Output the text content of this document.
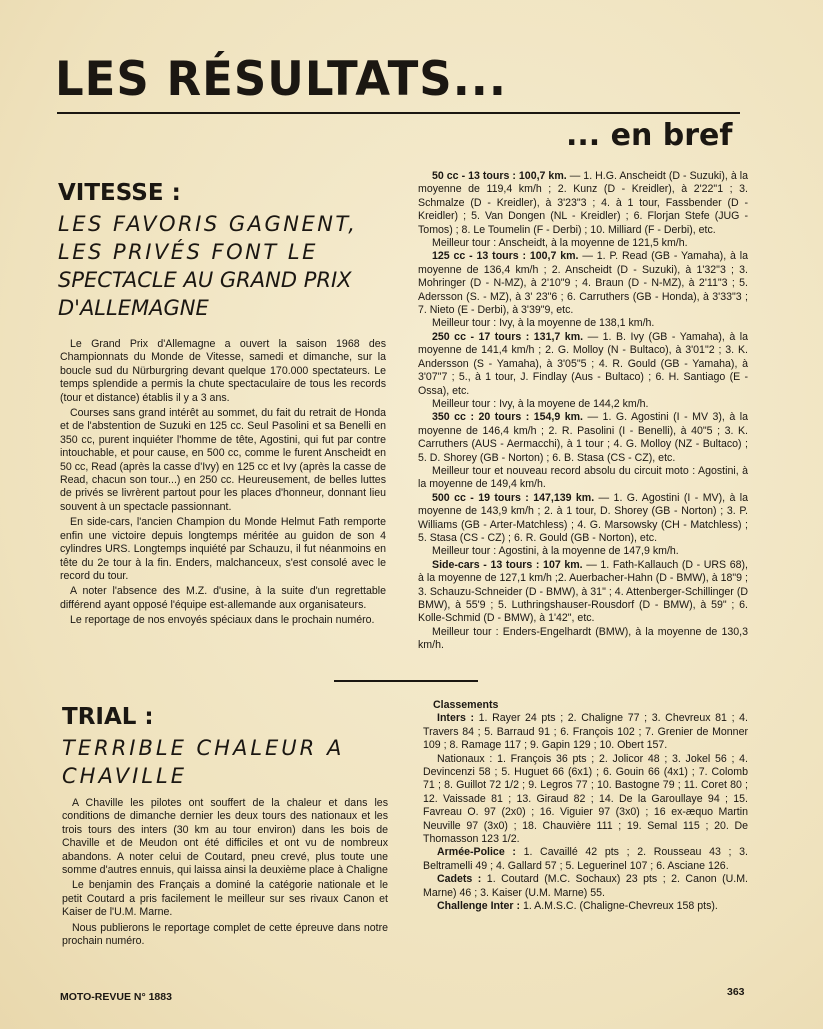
LES RÉSULTATS...
... en bref
VITESSE :
LES FAVORIS GAGNENT,
LES PRIVÉS FONT LE
SPECTACLE AU GRAND PRIX
D'ALLEMAGNE

Le Grand Prix d'Allemagne a ouvert la saison 1968 des Championnats du Monde de Vitesse, samedi et dimanche, sur la boucle sud du Nürburgring devant quelque 170.000 spectateurs. Le temps splendide a permis la chute spectaculaire de tous les records (tour et distance) établis il y a 3 ans.

Courses sans grand intérêt au sommet, du fait du retrait de Honda et de l'abstention de Suzuki en 125 cc. Seul Pasolini et sa Benelli en 350 cc, purent inquiéter l'homme de tête, Agostini, qui fut par contre intouchable, et pour cause, en 500 cc, comme le furent Anscheidt en 50 cc, Read (après la casse d'Ivy) en 125 cc et Ivy (après la casse de Read, chacun son tour...) en 250 cc. Heureusement, de belles luttes de privés se livrèrent partout pour les places d'honneur, donnant lieu souvent à un spectacle passionnant.

En side-cars, l'ancien Champion du Monde Helmut Fath remporte enfin une victoire depuis longtemps méritée au guidon de son 4 cylindres URS. Longtemps inquiété par Schauzu, il fut néanmoins en tête du 2e tour à la fin. Enders, malchanceux, s'est consolé avec le record du tour.

A noter l'absence des M.Z. d'usine, à la suite d'un regrettable différend ayant opposé l'équipe est-allemande aux organisateurs.

Le reportage de nos envoyés spéciaux dans le prochain numéro.

50 cc - 13 tours : 100,7 km. — 1. H.G. Anscheidt (D - Suzuki), à la moyenne de 119,4 km/h ; 2. Kunz (D - Kreidler), à 2'22"1 ; 3. Schmalze (D - Kreidler), à 3'23"3 ; 4. à 1 tour, Fassbender (D - Kreidler) ; 5. Van Dongen (NL - Kreidler) ; 6. Florjan Stefe (JUG - Tomos) ; 8. Le Toumelin (F - Derbi) ; 10. Milliard (F - Derbi), etc.

Meilleur tour : Anscheidt, à la moyenne de 121,5 km/h.

125 cc - 13 tours : 100,7 km. — 1. P. Read (GB - Yamaha), à la moyenne de 136,4 km/h ; 2. Anscheidt (D - Suzuki), à 1'32"3 ; 3. Mohringer (D - N-MZ), à 2'10"9 ; 4. Braun (D - N-MZ), à 2'11"3 ; 5. Adersson (S. - MZ), à 3' 23"6 ; 6. Carruthers (GB - Honda), à 3'33"3 ; 7. Nieto (E - Derbi), à 3'39"9, etc.

Meilleur tour : Ivy, à la moyenne de 138,1 km/h.

250 cc - 17 tours : 131,7 km. — 1. B. Ivy (GB - Yamaha), à la moyenne de 141,4 km/h ; 2. G. Molloy (N - Bultaco), à 3'01"2 ; 3. K. Andersson (S - Yamaha), à 3'05"5 ; 4. R. Gould (GB - Yamaha), à 3'07"7 ; 5., à 1 tour, J. Findlay (Aus - Bultaco) ; 6. H. Santiago (E - Ossa), etc.

Meilleur tour : Ivy, à la moyene de 144,2 km/h.

350 cc : 20 tours : 154,9 km. — 1. G. Agostini (I - MV 3), à la moyenne de 146,4 km/h ; 2. R. Pasolini (I - Benelli), à 40"5 ; 3. K. Carruthers (AUS - Aermacchi), à 1 tour ; 4. G. Molloy (NZ - Bultaco) ; 5. D. Shorey (GB - Norton) ; 6. B. Stasa (CS - CZ), etc.

Meilleur tour et nouveau record absolu du circuit moto : Agostini, à la moyenne de 149,4 km/h.

500 cc - 19 tours : 147,139 km. — 1. G. Agostini (I - MV), à la moyenne de 143,9 km/h ; 2. à 1 tour, D. Shorey (GB - Norton) ; 3. P. Williams (GB - Arter-Matchless) ; 4. G. Marsowsky (CH - Matchless) ; 5. Stasa (CS - CZ) ; 6. R. Gould (GB - Norton), etc.

Meilleur tour : Agostini, à la moyenne de 147,9 km/h.

Side-cars - 13 tours : 107 km. — 1. Fath-Kallauch (D - URS 68), à la moyenne de 127,1 km/h ;2. Auerbacher-Hahn (D - BMW), à 18"9 ; 3. Schauzu-Schneider (D - BMW), à 31" ; 4. Attenberger-Schillinger (D BMW), à 55'9 ; 5. Luthringshauser-Rousdorf (D - BMW), à 59" ; 6. Kolle-Schmid (D - BMW), à 1'42", etc.

Meilleur tour : Enders-Engelhardt (BMW), à la moyenne de 130,3 km/h.

TRIAL :
TERRIBLE CHALEUR A
CHAVILLE

A Chaville les pilotes ont souffert de la chaleur et dans les conditions de dimanche dernier les deux tours des nationaux et les trois tours des inters (30 km au tour environ) dans les bois de Chaville et de Meudon ont été difficiles et ont vu de nombreux abandons. A noter celui de Coutard, pneu crevé, plus toute une somme d'autres ennuis, qui laissa ainsi la deuxième place à Chaligne

Le benjamin des Français a dominé la catégorie nationale et le petit Coutard a pris facilement le meilleur sur ses rivaux Canon et Kaiser de l'U.M. Marne.

Nous publierons le reportage complet de cette épreuve dans notre prochain numéro.

Classements

Inters : 1. Rayer 24 pts ; 2. Chaligne 77 ; 3. Chevreux 81 ; 4. Travers 84 ; 5. Barraud 91 ; 6. François 102 ; 7. Grenier de Monner 109 ; 8. Ramage 117 ; 9. Gapin 129 ; 10. Obert 157.

Nationaux : 1. François 36 pts ; 2. Jolicor 48 ; 3. Jokel 56 ; 4. Devincenzi 58 ; 5. Huguet 66 (6x1) ; 6. Gouin 66 (4x1) ; 7. Colomb 71 ; 8. Guillot 72 1/2 ; 9. Legros 77 ; 10. Bastogne 79 ; 11. Coret 80 ; 12. Vaissade 81 ; 13. Giraud 82 ; 14. De la Garoullaye 94 ; 15. Favreau O. 97 (2x0) ; 16. Viguier 97 (3x0) ; 16 ex-æquo Martin Neuville 97 (3x0) ; 18. Chauvière 111 ; 19. Semal 115 ; 20. De Thomasson 123 1/2.

Armée-Police : 1. Cavaillé 42 pts ; 2. Rousseau 43 ; 3. Beltramelli 49 ; 4. Gallard 57 ; 5. Leguerinel 107 ; 6. Asciane 126.

Cadets : 1. Coutard (M.C. Sochaux) 23 pts ; 2. Canon (U.M. Marne) 46 ; 3. Kaiser (U.M. Marne) 55.

Challenge Inter : 1. A.M.S.C. (Chaligne-Chevreux 158 pts).

MOTO-REVUE N° 1883	363
